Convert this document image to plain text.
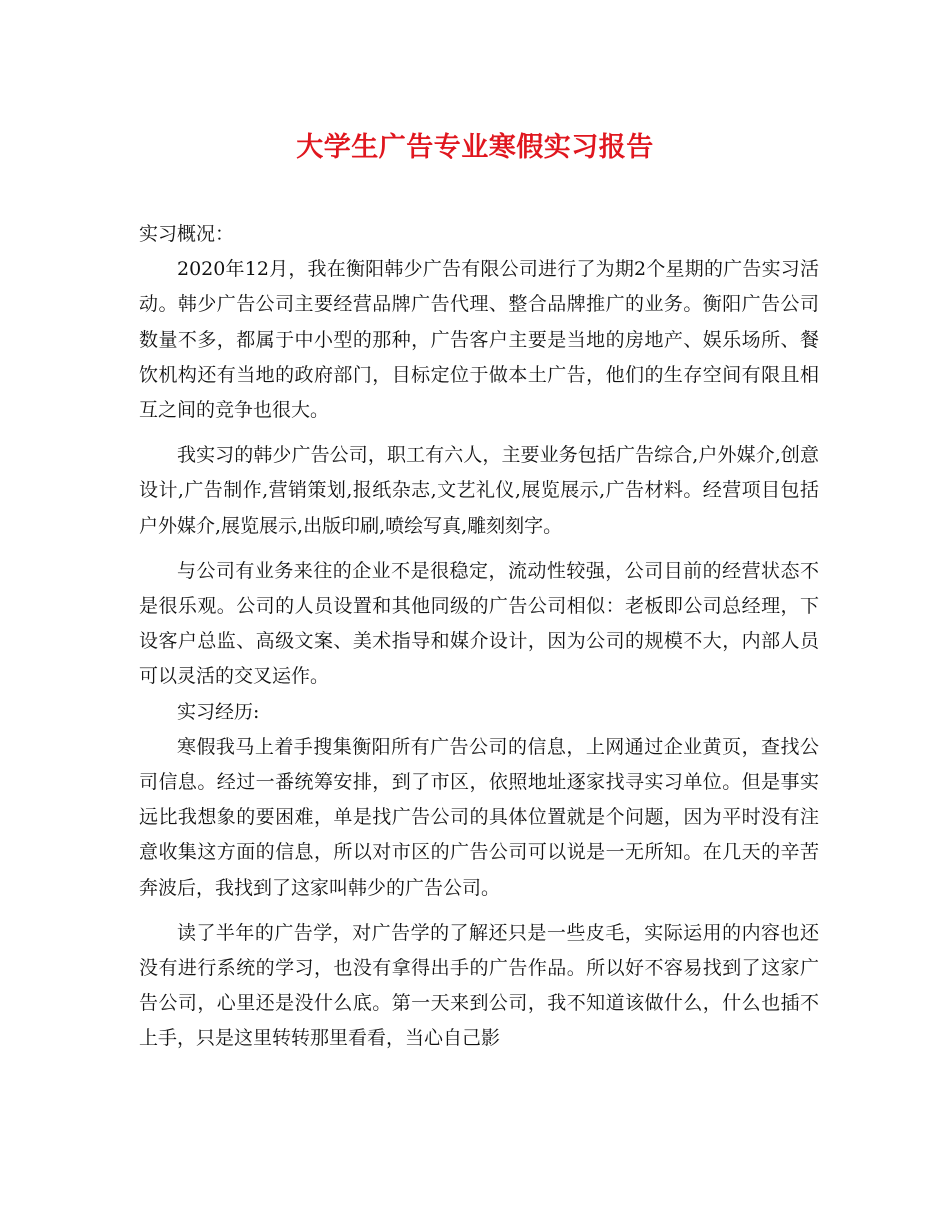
大学生广告专业寒假实习报告

实习概况：

2020年12月，我在衡阳韩少广告有限公司进行了为期2个星期的广告实习活动。韩少广告公司主要经营品牌广告代理、整合品牌推广的业务。衡阳广告公司数量不多，都属于中小型的那种，广告客户主要是当地的房地产、娱乐场所、餐饮机构还有当地的政府部门，目标定位于做本土广告，他们的生存空间有限且相互之间的竞争也很大。

我实习的韩少广告公司，职工有六人，主要业务包括广告综合,户外媒介,创意设计,广告制作,营销策划,报纸杂志,文艺礼仪,展览展示,广告材料。经营项目包括户外媒介,展览展示,出版印刷,喷绘写真,雕刻刻字。

与公司有业务来往的企业不是很稳定，流动性较强，公司目前的经营状态不是很乐观。公司的人员设置和其他同级的广告公司相似：老板即公司总经理，下设客户总监、高级文案、美术指导和媒介设计，因为公司的规模不大，内部人员可以灵活的交叉运作。

实习经历:

寒假我马上着手搜集衡阳所有广告公司的信息，上网通过企业黄页，查找公司信息。经过一番统筹安排，到了市区，依照地址逐家找寻实习单位。但是事实远比我想象的要困难，单是找广告公司的具体位置就是个问题，因为平时没有注意收集这方面的信息，所以对市区的广告公司可以说是一无所知。在几天的辛苦奔波后，我找到了这家叫韩少的广告公司。

读了半年的广告学，对广告学的了解还只是一些皮毛，实际运用的内容也还没有进行系统的学习，也没有拿得出手的广告作品。所以好不容易找到了这家广告公司，心里还是没什么底。第一天来到公司，我不知道该做什么，什么也插不上手，只是这里转转那里看看，当心自己影
